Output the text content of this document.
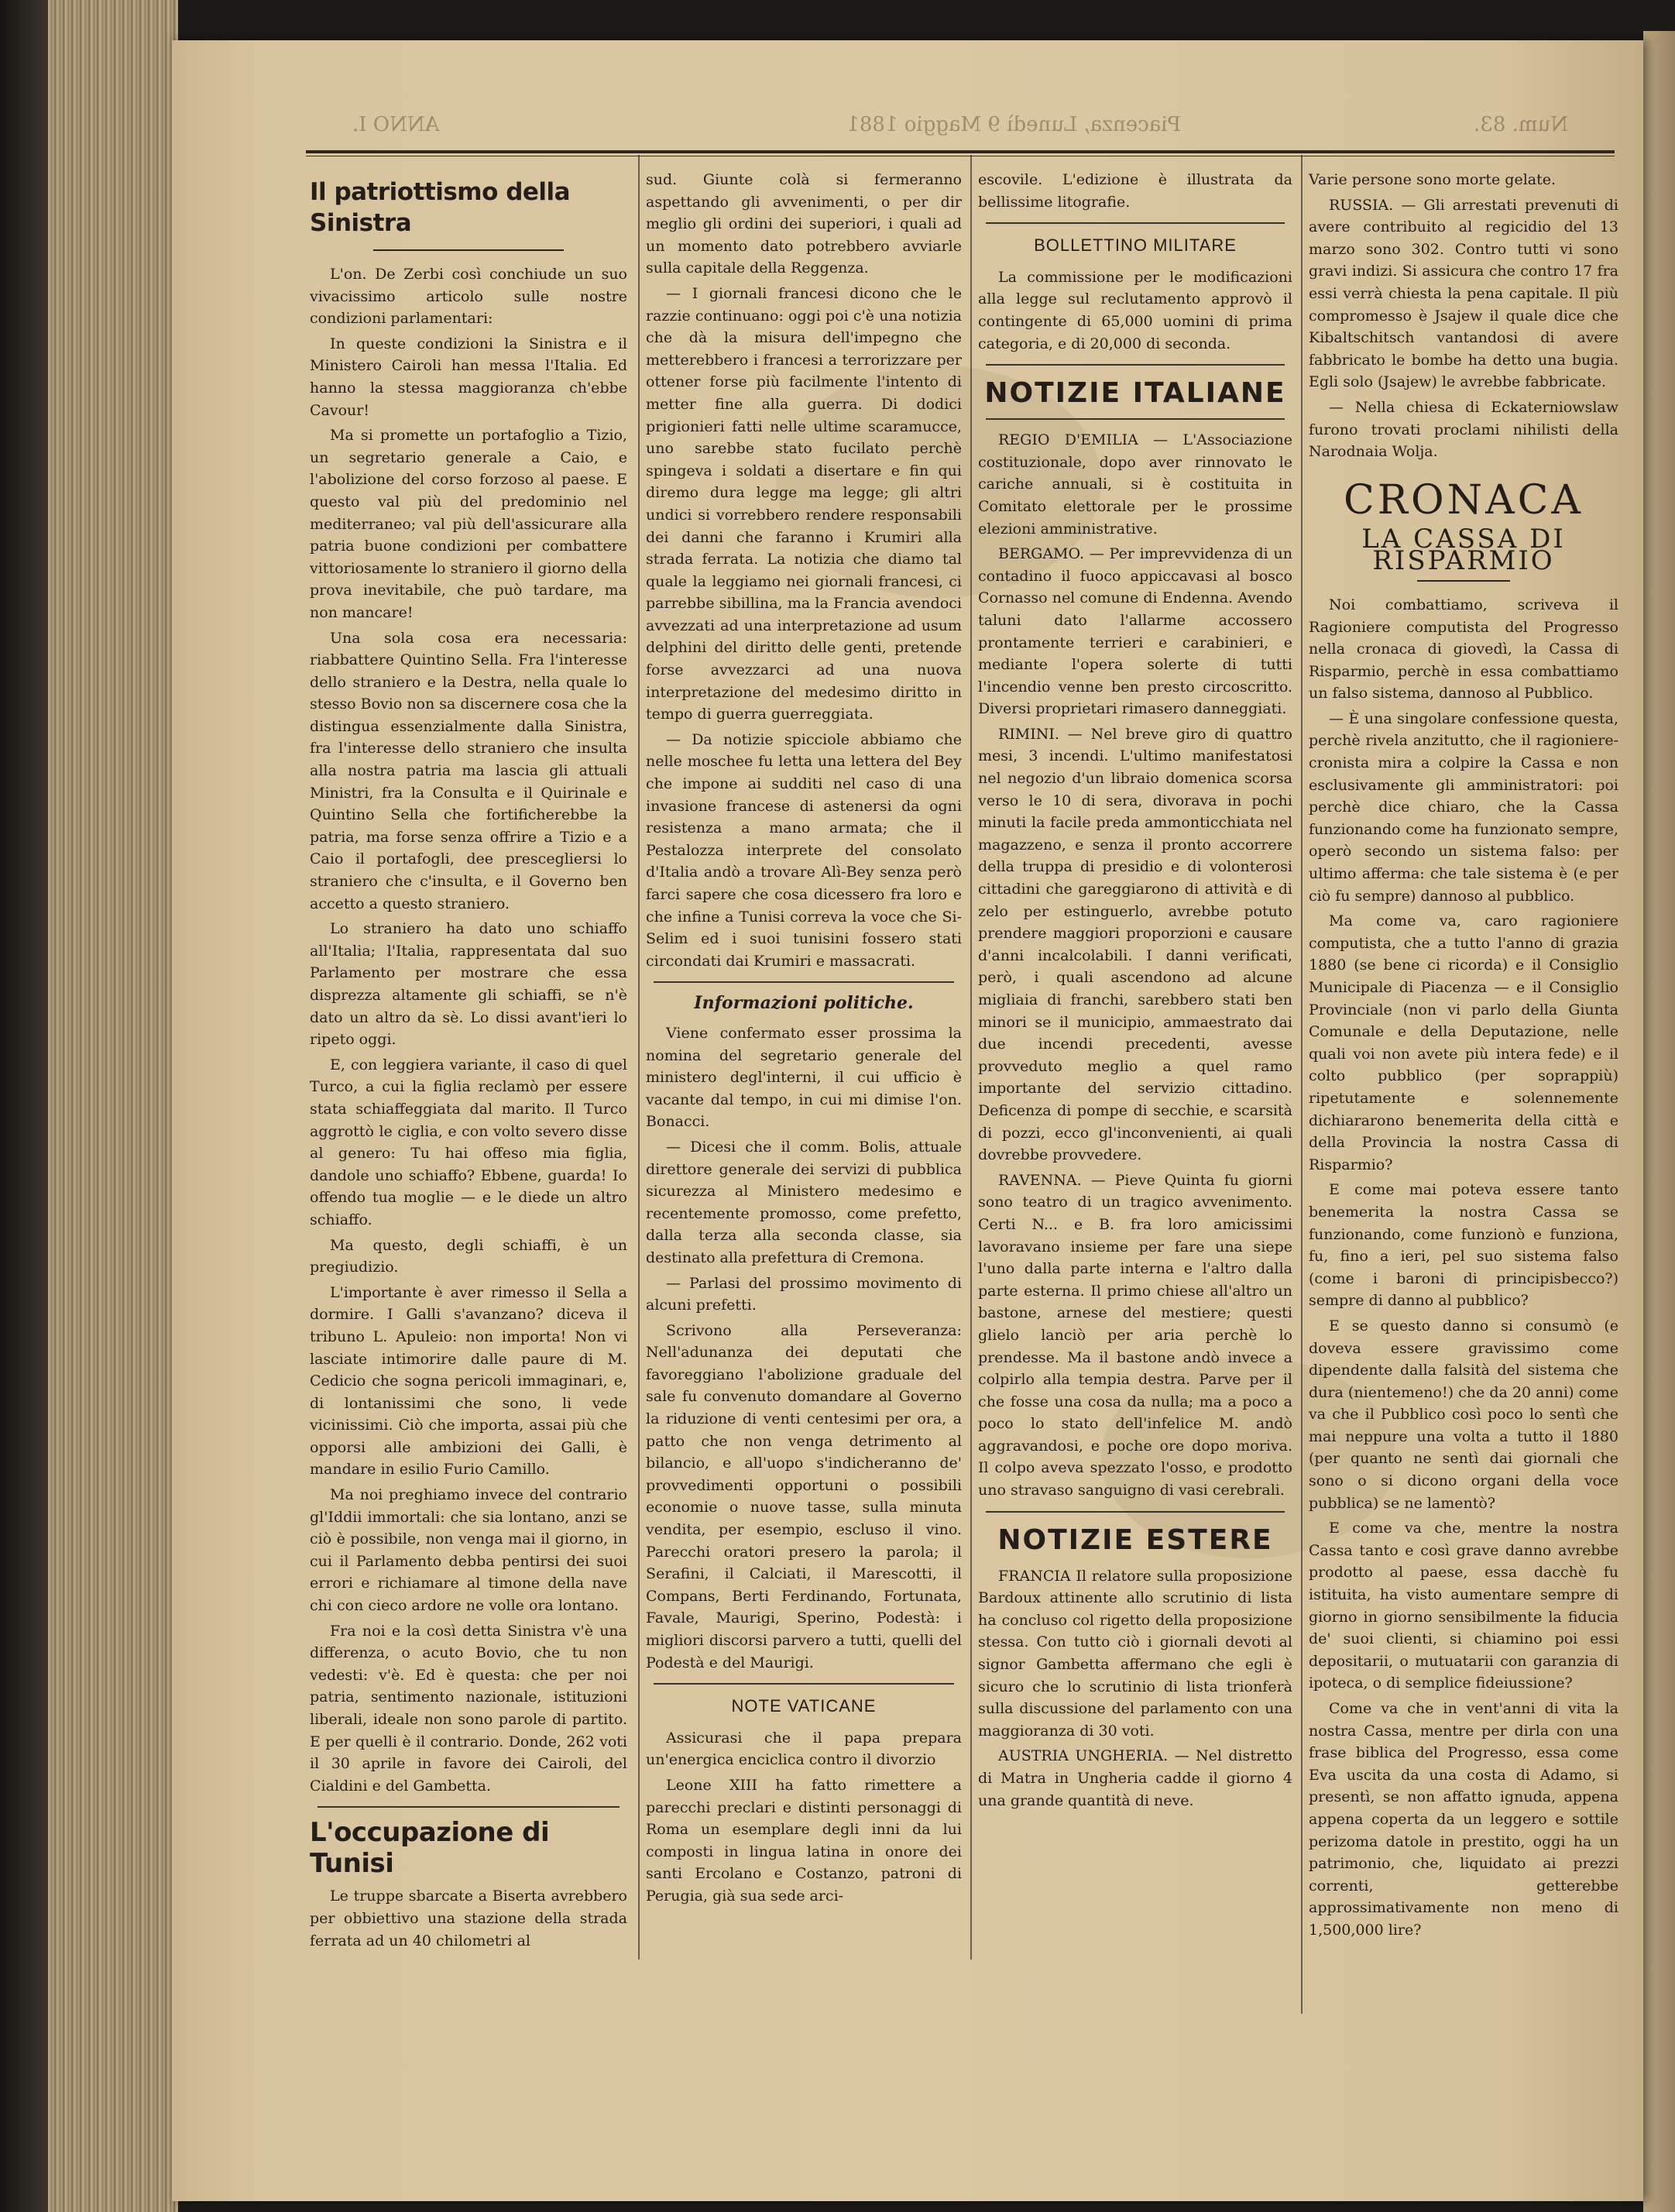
ANNO I.	Piacenza, Lunedì 9 Maggio 1881	Num. 83.
Il patriottismo della Sinistra

L'on. De Zerbi così conchiude un suo vivacissimo articolo sulle nostre condizioni parlamentari:

In queste condizioni la Sinistra e il Ministero Cairoli han messa l'Italia. Ed hanno la stessa maggioranza ch'ebbe Cavour!

Ma si promette un portafoglio a Tizio, un segretario generale a Caio, e l'abolizione del corso forzoso al paese. E questo val più del predominio nel mediterraneo; val più dell'assicurare alla patria buone condizioni per combattere vittoriosamente lo straniero il giorno della prova inevitabile, che può tardare, ma non mancare!

Una sola cosa era necessaria: riabbattere Quintino Sella. Fra l'interesse dello straniero e la Destra, nella quale lo stesso Bovio non sa discernere cosa che la distingua essenzialmente dalla Sinistra, fra l'interesse dello straniero che insulta alla nostra patria ma lascia gli attuali Ministri, fra la Consulta e il Quirinale e Quintino Sella che fortificherebbe la patria, ma forse senza offrire a Tizio e a Caio il portafogli, dee prescegliersi lo straniero che c'insulta, e il Governo ben accetto a questo straniero.

Lo straniero ha dato uno schiaffo all'Italia; l'Italia, rappresentata dal suo Parlamento per mostrare che essa disprezza altamente gli schiaffi, se n'è dato un altro da sè. Lo dissi avant'ieri lo ripeto oggi.

E, con leggiera variante, il caso di quel Turco, a cui la figlia reclamò per essere stata schiaffeggiata dal marito. Il Turco aggrottò le ciglia, e con volto severo disse al genero: Tu hai offeso mia figlia, dandole uno schiaffo? Ebbene, guarda! Io offendo tua moglie — e le diede un altro schiaffo.

Ma questo, degli schiaffi, è un pregiudizio.

L'importante è aver rimesso il Sella a dormire. I Galli s'avanzano? diceva il tribuno L. Apuleio: non importa! Non vi lasciate intimorire dalle paure di M. Cedicio che sogna pericoli immaginari, e, di lontanissimi che sono, li vede vicinissimi. Ciò che importa, assai più che opporsi alle ambizioni dei Galli, è mandare in esilio Furio Camillo.

Ma noi preghiamo invece del contrario gl'Iddii immortali: che sia lontano, anzi se ciò è possibile, non venga mai il giorno, in cui il Parlamento debba pentirsi dei suoi errori e richiamare al timone della nave chi con cieco ardore ne volle ora lontano.

Fra noi e la così detta Sinistra v'è una differenza, o acuto Bovio, che tu non vedesti: v'è. Ed è questa: che per noi patria, sentimento nazionale, istituzioni liberali, ideale non sono parole di partito. E per quelli è il contrario. Donde, 262 voti il 30 aprile in favore dei Cairoli, del Cialdini e del Gambetta.

L'occupazione di Tunisi

Le truppe sbarcate a Biserta avrebbero per obbiettivo una stazione della strada ferrata ad un 40 chilometri al

sud. Giunte colà si fermeranno aspettando gli avvenimenti, o per dir meglio gli ordini dei superiori, i quali ad un momento dato potrebbero avviarle sulla capitale della Reggenza.

— I giornali francesi dicono che le razzie continuano: oggi poi c'è una notizia che dà la misura dell'impegno che metterebbero i francesi a terrorizzare per ottener forse più facilmente l'intento di metter fine alla guerra. Di dodici prigionieri fatti nelle ultime scaramucce, uno sarebbe stato fucilato perchè spingeva i soldati a disertare e fin qui diremo dura legge ma legge; gli altri undici si vorrebbero rendere responsabili dei danni che faranno i Krumiri alla strada ferrata. La notizia che diamo tal quale la leggiamo nei giornali francesi, ci parrebbe sibillina, ma la Francia avendoci avvezzati ad una interpretazione ad usum delphini del diritto delle genti, pretende forse avvezzarci ad una nuova interpretazione del medesimo diritto in tempo di guerra guerreggiata.

— Da notizie spicciole abbiamo che nelle moschee fu letta una lettera del Bey che impone ai sudditi nel caso di una invasione francese di astenersi da ogni resistenza a mano armata; che il Pestalozza interprete del consolato d'Italia andò a trovare Alì-Bey senza però farci sapere che cosa dicessero fra loro e che infine a Tunisi correva la voce che Si-Selim ed i suoi tunisini fossero stati circondati dai Krumiri e massacrati.

Informazioni politiche.

Viene confermato esser prossima la nomina del segretario generale del ministero degl'interni, il cui ufficio è vacante dal tempo, in cui mi dimise l'on. Bonacci.

— Dicesi che il comm. Bolis, attuale direttore generale dei servizi di pubblica sicurezza al Ministero medesimo e recentemente promosso, come prefetto, dalla terza alla seconda classe, sia destinato alla prefettura di Cremona.

— Parlasi del prossimo movimento di alcuni prefetti.

Scrivono alla Perseveranza: Nell'adunanza dei deputati che favoreggiano l'abolizione graduale del sale fu convenuto domandare al Governo la riduzione di venti centesimi per ora, a patto che non venga detrimento al bilancio, e all'uopo s'indicheranno de' provvedimenti opportuni o possibili economie o nuove tasse, sulla minuta vendita, per esempio, escluso il vino. Parecchi oratori presero la parola; il Serafini, il Calciati, il Marescotti, il Compans, Berti Ferdinando, Fortunata, Favale, Maurigi, Sperino, Podestà: i migliori discorsi parvero a tutti, quelli del Podestà e del Maurigi.

NOTE VATICANE

Assicurasi che il papa prepara un'energica enciclica contro il divorzio

Leone XIII ha fatto rimettere a parecchi preclari e distinti personaggi di Roma un esemplare degli inni da lui composti in lingua latina in onore dei santi Ercolano e Costanzo, patroni di Perugia, già sua sede arci-

escovile. L'edizione è illustrata da bellissime litografie.

BOLLETTINO MILITARE

La commissione per le modificazioni alla legge sul reclutamento approvò il contingente di 65,000 uomini di prima categoria, e di 20,000 di seconda.

NOTIZIE ITALIANE

REGIO D'EMILIA — L'Associazione costituzionale, dopo aver rinnovato le cariche annuali, si è costituita in Comitato elettorale per le prossime elezioni amministrative.

BERGAMO. — Per imprevvidenza di un contadino il fuoco appiccavasi al bosco Cornasso nel comune di Endenna. Avendo taluni dato l'allarme accossero prontamente terrieri e carabinieri, e mediante l'opera solerte di tutti l'incendio venne ben presto circoscritto. Diversi proprietari rimasero danneggiati.

RIMINI. — Nel breve giro di quattro mesi, 3 incendi. L'ultimo manifestatosi nel negozio d'un libraio domenica scorsa verso le 10 di sera, divorava in pochi minuti la facile preda ammonticchiata nel magazzeno, e senza il pronto accorrere della truppa di presidio e di volonterosi cittadini che gareggiarono di attività e di zelo per estinguerlo, avrebbe potuto prendere maggiori proporzioni e causare d'anni incalcolabili. I danni verificati, però, i quali ascendono ad alcune migliaia di franchi, sarebbero stati ben minori se il municipio, ammaestrato dai due incendi precedenti, avesse provveduto meglio a quel ramo importante del servizio cittadino. Deficenza di pompe di secchie, e scarsità di pozzi, ecco gl'inconvenienti, ai quali dovrebbe provvedere.

RAVENNA. — Pieve Quinta fu giorni sono teatro di un tragico avvenimento. Certi N... e B. fra loro amicissimi lavoravano insieme per fare una siepe l'uno dalla parte interna e l'altro dalla parte esterna. Il primo chiese all'altro un bastone, arnese del mestiere; questi glielo lanciò per aria perchè lo prendesse. Ma il bastone andò invece a colpirlo alla tempia destra. Parve per il che fosse una cosa da nulla; ma a poco a poco lo stato dell'infelice M. andò aggravandosi, e poche ore dopo moriva. Il colpo aveva spezzato l'osso, e prodotto uno stravaso sanguigno di vasi cerebrali.

NOTIZIE ESTERE

FRANCIA Il relatore sulla proposizione Bardoux attinente allo scrutinio di lista ha concluso col rigetto della proposizione stessa. Con tutto ciò i giornali devoti al signor Gambetta affermano che egli è sicuro che lo scrutinio di lista trionferà sulla discussione del parlamento con una maggioranza di 30 voti.

AUSTRIA UNGHERIA. — Nel distretto di Matra in Ungheria cadde il giorno 4 una grande quantità di neve.

Varie persone sono morte gelate.

RUSSIA. — Gli arrestati prevenuti di avere contribuito al regicidio del 13 marzo sono 302. Contro tutti vi sono gravi indizi. Si assicura che contro 17 fra essi verrà chiesta la pena capitale. Il più compromesso è Jsajew il quale dice che Kibaltschitsch vantandosi di avere fabbricato le bombe ha detto una bugia. Egli solo (Jsajew) le avrebbe fabbricate.

— Nella chiesa di Eckaterniowslaw furono trovati proclami nihilisti della Narodnaia Wolja.

CRONACA
LA CASSA DI RISPARMIO

Noi combattiamo, scriveva il Ragioniere computista del Progresso nella cronaca di giovedì, la Cassa di Risparmio, perchè in essa combattiamo un falso sistema, dannoso al Pubblico.

— È una singolare confessione questa, perchè rivela anzitutto, che il ragioniere-cronista mira a colpire la Cassa e non esclusivamente gli amministratori: poi perchè dice chiaro, che la Cassa funzionando come ha funzionato sempre, operò secondo un sistema falso: per ultimo afferma: che tale sistema è (e per ciò fu sempre) dannoso al pubblico.

Ma come va, caro ragioniere computista, che a tutto l'anno di grazia 1880 (se bene ci ricorda) e il Consiglio Municipale di Piacenza — e il Consiglio Provinciale (non vi parlo della Giunta Comunale e della Deputazione, nelle quali voi non avete più intera fede) e il colto pubblico (per soprappiù) ripetutamente e solennemente dichiararono benemerita della città e della Provincia la nostra Cassa di Risparmio?

E come mai poteva essere tanto benemerita la nostra Cassa se funzionando, come funzionò e funziona, fu, fino a ieri, pel suo sistema falso (come i baroni di principisbecco?) sempre di danno al pubblico?

E se questo danno si consumò (e doveva essere gravissimo come dipendente dalla falsità del sistema che dura (nientemeno!) che da 20 anni) come va che il Pubblico così poco lo sentì che mai neppure una volta a tutto il 1880 (per quanto ne sentì dai giornali che sono o si dicono organi della voce pubblica) se ne lamentò?

E come va che, mentre la nostra Cassa tanto e così grave danno avrebbe prodotto al paese, essa dacchè fu istituita, ha visto aumentare sempre di giorno in giorno sensibilmente la fiducia de' suoi clienti, si chiamino poi essi depositarii, o mutuatarii con garanzia di ipoteca, o di semplice fideiussione?

Come va che in vent'anni di vita la nostra Cassa, mentre per dirla con una frase biblica del Progresso, essa come Eva uscita da una costa di Adamo, si presentì, se non affatto ignuda, appena appena coperta da un leggero e sottile perizoma datole in prestito, oggi ha un patrimonio, che, liquidato ai prezzi correnti, getterebbe approssimativamente non meno di 1,500,000 lire?
